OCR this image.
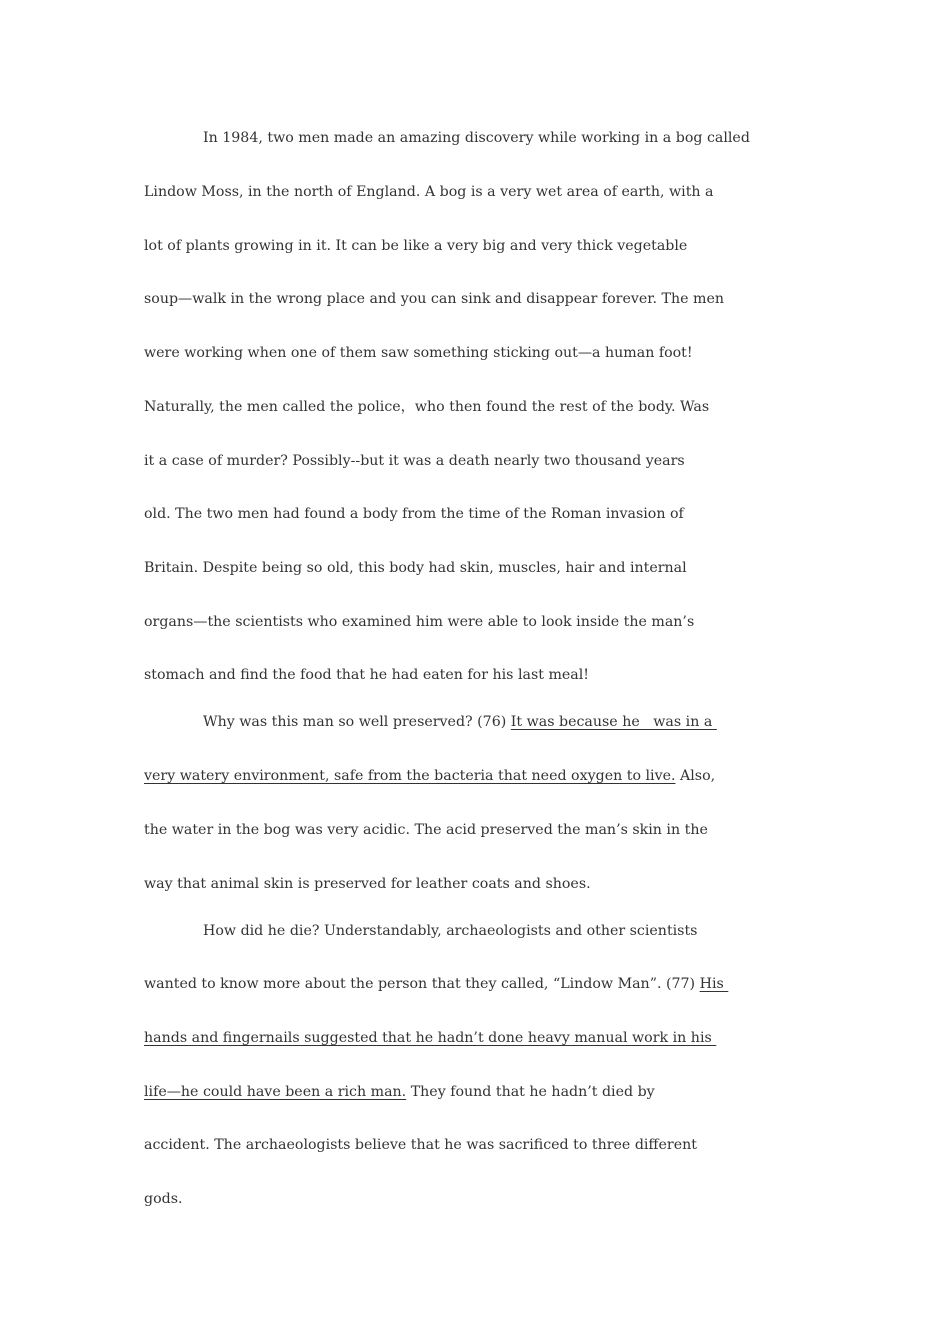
In 1984, two men made an amazing discovery while working in a bog called
Lindow Moss, in the north of England. A bog is a very wet area of earth, with a
lot of plants growing in it. It can be like a very big and very thick vegetable
soup—walk in the wrong place and you can sink and disappear forever. The men
were working when one of them saw something sticking out—a human foot!
Naturally, the men called the police，who then found the rest of the body. Was
it a case of murder? Possibly--but it was a death nearly two thousand years
old. The two men had found a body from the time of the Roman invasion of
Britain. Despite being so old, this body had skin, muscles, hair and internal
organs—the scientists who examined him were able to look inside the man’s
stomach and find the food that he had eaten for his last meal!
Why was this man so well preserved? (76) It was because he   was in a
very watery environment, safe from the bacteria that need oxygen to live. Also,
the water in the bog was very acidic. The acid preserved the man’s skin in the
way that animal skin is preserved for leather coats and shoes.
How did he die? Understandably, archaeologists and other scientists
wanted to know more about the person that they called, “Lindow Man”. (77) His
hands and fingernails suggested that he hadn’t done heavy manual work in his
life—he could have been a rich man. They found that he hadn’t died by
accident. The archaeologists believe that he was sacrificed to three different
gods.
